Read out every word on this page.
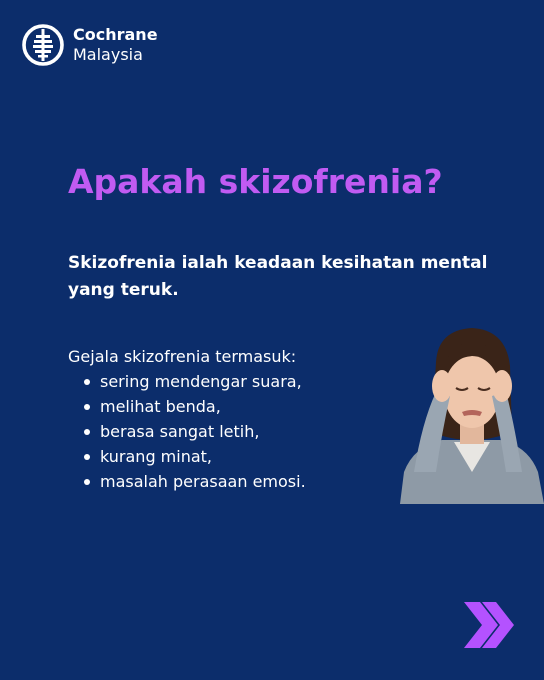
Cochrane
Malaysia
Apakah skizofrenia?

Skizofrenia ialah keadaan kesihatan mental yang teruk.

Gejala skizofrenia termasuk:

sering mendengar suara,
melihat benda,
berasa sangat letih,
kurang minat,
masalah perasaan emosi.
